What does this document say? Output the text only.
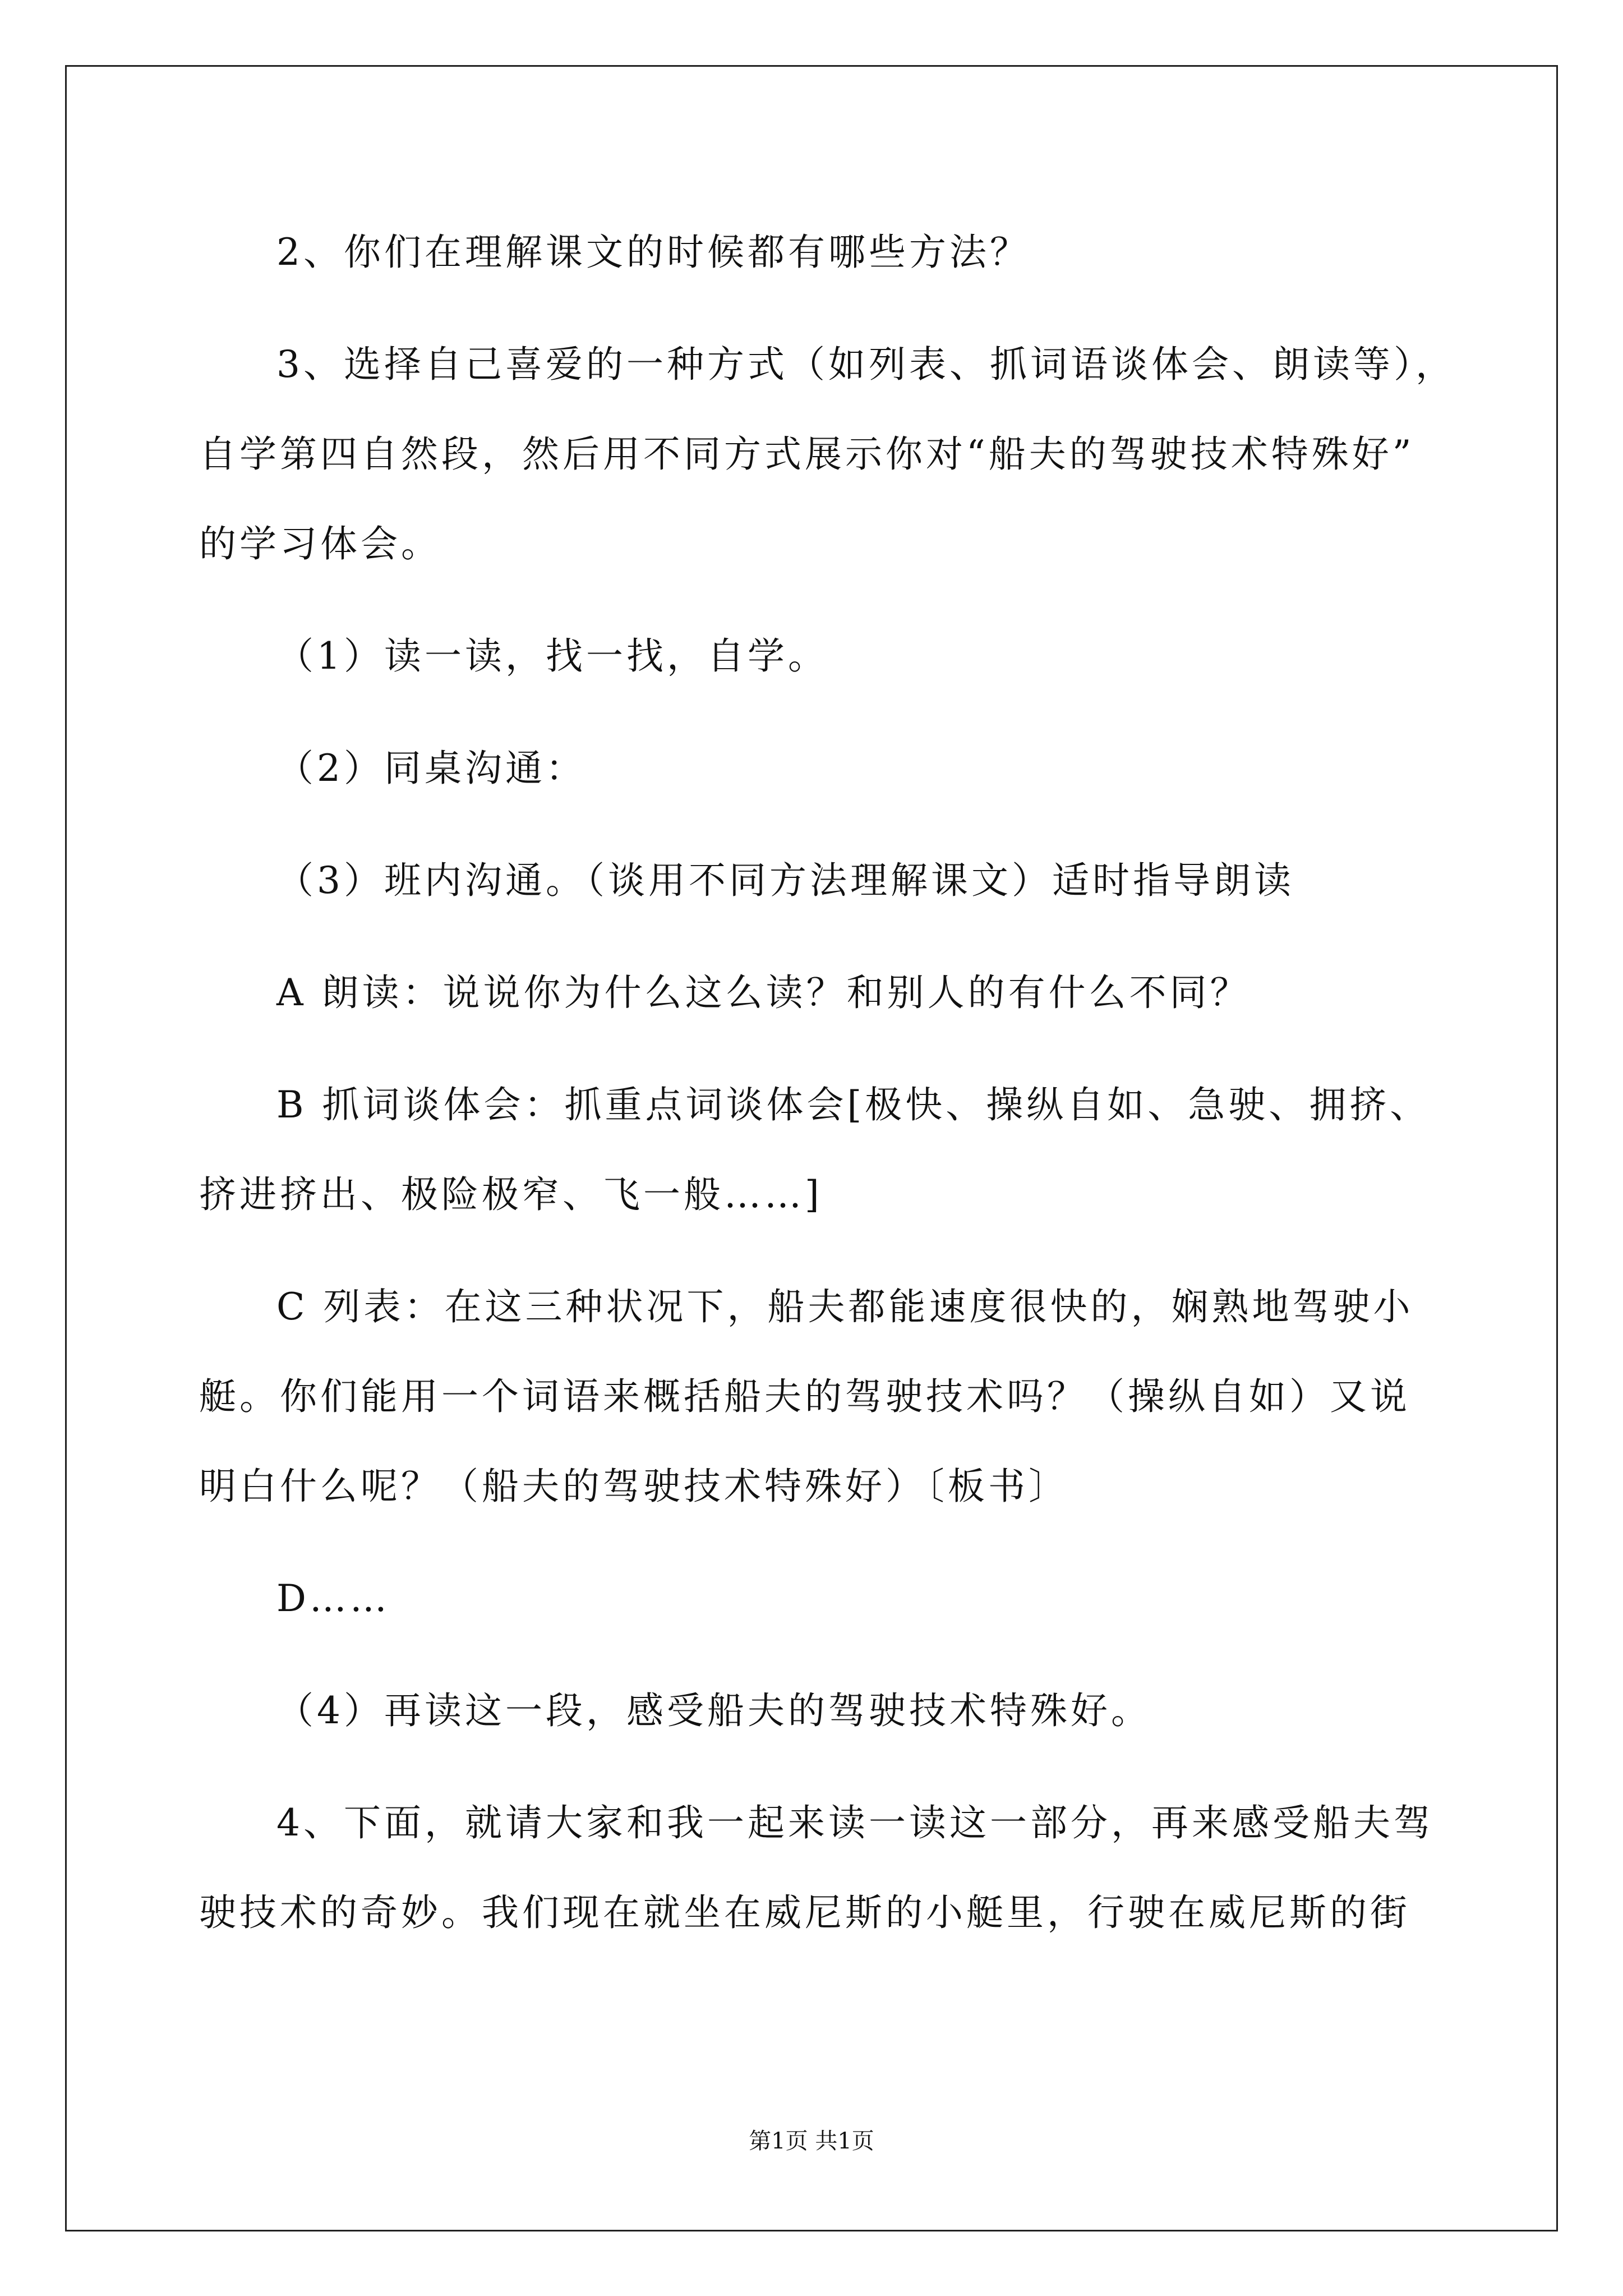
2、你们在理解课文的时候都有哪些方法？
3、选择自己喜爱的一种方式（如列表、抓词语谈体会、朗读等），
自学第四自然段，然后用不同方式展示你对“船夫的驾驶技术特殊好”
的学习体会。
（1）读一读，找一找，自学。
（2）同桌沟通：
（3）班内沟通。（谈用不同方法理解课文）适时指导朗读
A 朗读：说说你为什么这么读？和别人的有什么不同？
B 抓词谈体会：抓重点词谈体会[极快、操纵自如、急驶、拥挤、
挤进挤出、极险极窄、飞一般……]
C 列表：在这三种状况下，船夫都能速度很快的，娴熟地驾驶小
艇。你们能用一个词语来概括船夫的驾驶技术吗？（操纵自如）又说
明白什么呢？（船夫的驾驶技术特殊好）〔板书〕
D……
（4）再读这一段，感受船夫的驾驶技术特殊好。
4、下面，就请大家和我一起来读一读这一部分，再来感受船夫驾
驶技术的奇妙。我们现在就坐在威尼斯的小艇里，行驶在威尼斯的街
第1页 共1页
